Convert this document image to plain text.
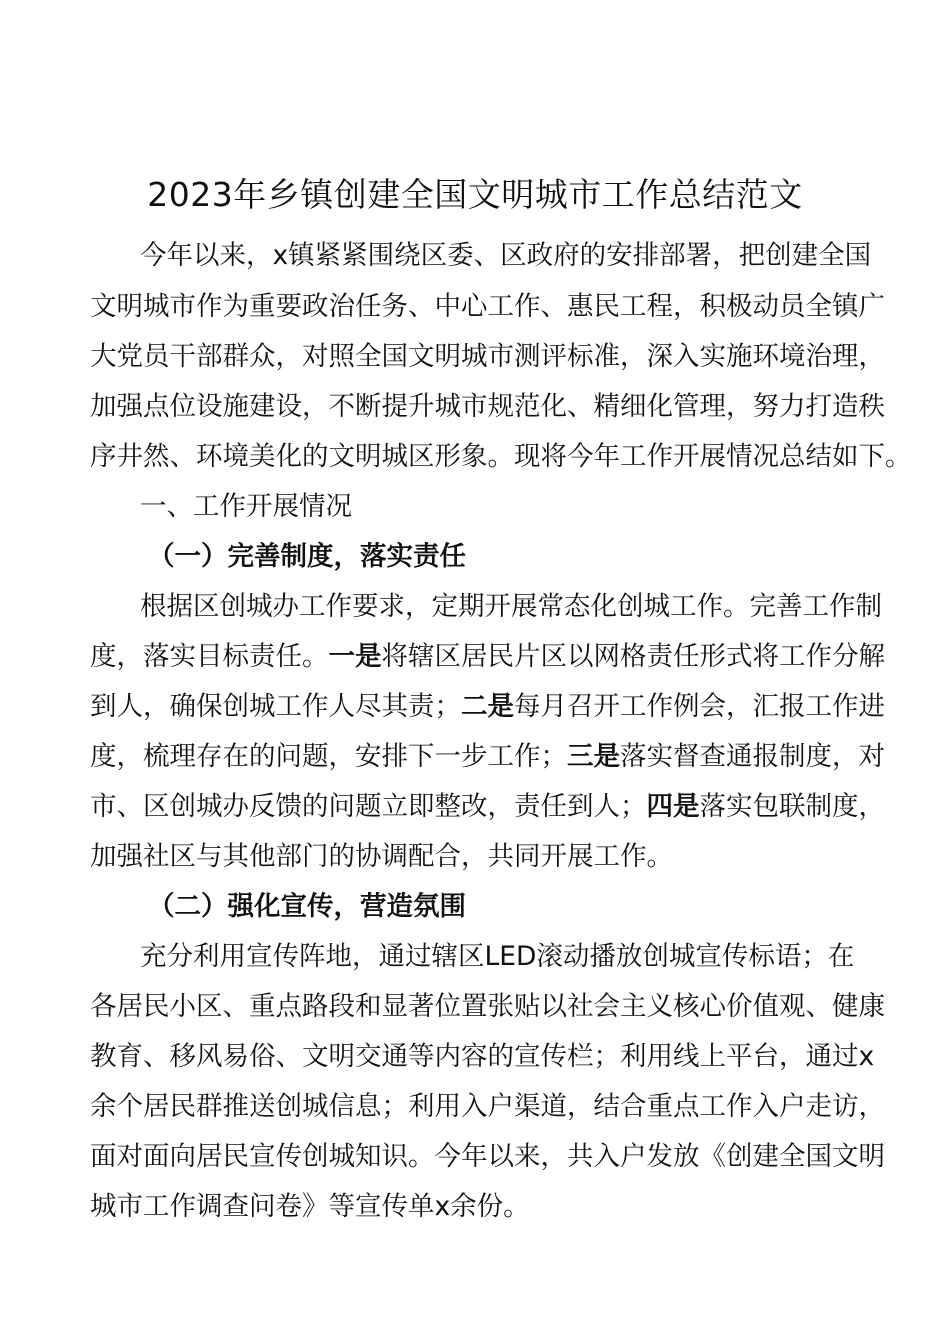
2023年乡镇创建全国文明城市工作总结范文
今年以来，x镇紧紧围绕区委、区政府的安排部署，把创建全国
文明城市作为重要政治任务、中心工作、惠民工程，积极动员全镇广
大党员干部群众，对照全国文明城市测评标准，深入实施环境治理，
加强点位设施建设，不断提升城市规范化、精细化管理，努力打造秩
序井然、环境美化的文明城区形象。现将今年工作开展情况总结如下。
一、工作开展情况
（一）完善制度，落实责任
根据区创城办工作要求，定期开展常态化创城工作。完善工作制
度，落实目标责任。一是将辖区居民片区以网格责任形式将工作分解
到人，确保创城工作人尽其责；二是每月召开工作例会，汇报工作进
度，梳理存在的问题，安排下一步工作；三是落实督查通报制度，对
市、区创城办反馈的问题立即整改，责任到人；四是落实包联制度，
加强社区与其他部门的协调配合，共同开展工作。
（二）强化宣传，营造氛围
充分利用宣传阵地，通过辖区LED滚动播放创城宣传标语；在
各居民小区、重点路段和显著位置张贴以社会主义核心价值观、健康
教育、移风易俗、文明交通等内容的宣传栏；利用线上平台，通过x
余个居民群推送创城信息；利用入户渠道，结合重点工作入户走访，
面对面向居民宣传创城知识。今年以来，共入户发放《创建全国文明
城市工作调查问卷》等宣传单x余份。
